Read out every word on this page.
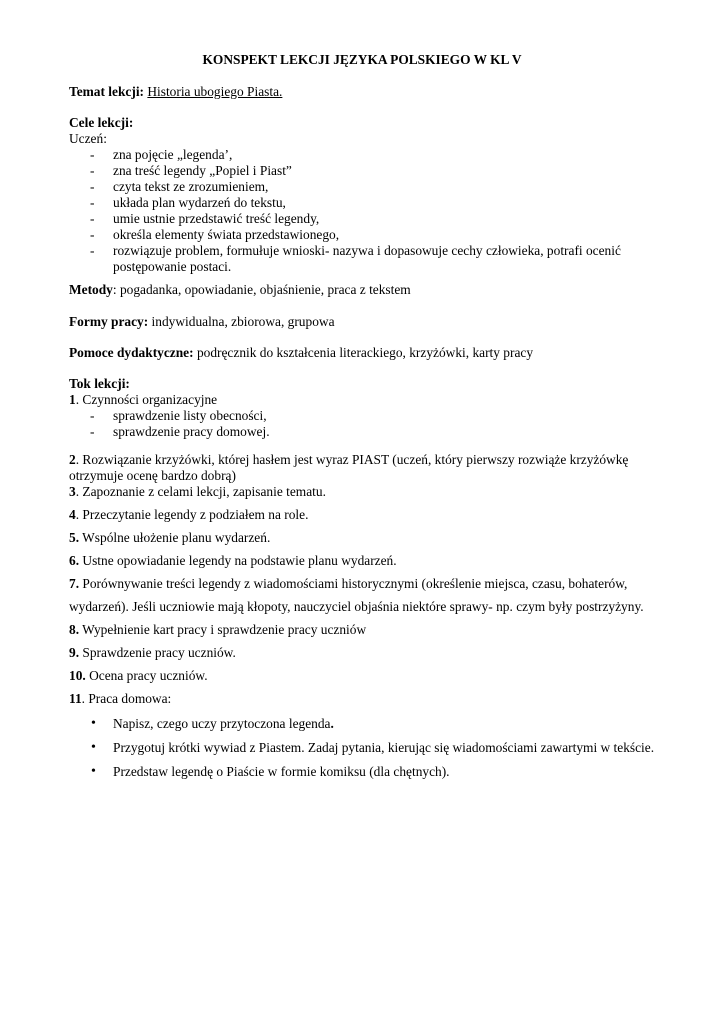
KONSPEKT LEKCJI JĘZYKA POLSKIEGO W KL V
Temat lekcji: Historia ubogiego Piasta.
Cele lekcji:
Uczeń:
- zna pojęcie „legenda’,
- zna treść legendy „Popiel i Piast”
- czyta tekst ze zrozumieniem,
- układa plan wydarzeń do tekstu,
- umie ustnie przedstawić treść legendy,
- określa elementy świata przedstawionego,
- rozwiązuje problem, formułuje wnioski- nazywa i dopasowuje cechy człowieka, potrafi ocenić postępowanie postaci.
Metody: pogadanka, opowiadanie, objaśnienie, praca z tekstem
Formy pracy: indywidualna, zbiorowa, grupowa
Pomoce dydaktyczne: podręcznik do kształcenia literackiego, krzyżówki, karty pracy
Tok lekcji:
1. Czynności organizacyjne
- sprawdzenie listy obecności,
- sprawdzenie pracy domowej.
2. Rozwiązanie krzyżówki, której hasłem jest wyraz PIAST (uczeń, który pierwszy rozwiąże krzyżówkę otrzymuje ocenę bardzo dobrą)
3. Zapoznanie z celami lekcji, zapisanie tematu.
4. Przeczytanie legendy z podziałem na role.
5. Wspólne ułożenie planu wydarzeń.
6. Ustne opowiadanie legendy na podstawie planu wydarzeń.
7. Porównywanie treści legendy z wiadomościami historycznymi (określenie miejsca, czasu, bohaterów,
wydarzeń). Jeśli uczniowie mają kłopoty, nauczyciel objaśnia niektóre sprawy- np. czym były postrzyżyny.
8. Wypełnienie kart pracy i sprawdzenie pracy uczniów
9. Sprawdzenie pracy uczniów.
10. Ocena pracy uczniów.
11. Praca domowa:
• Napisz, czego uczy przytoczona legenda.
• Przygotuj krótki wywiad z Piastem. Zadaj pytania, kierując się wiadomościami zawartymi w tekście.
• Przedstaw legendę o Piaście w formie komiksu (dla chętnych).
